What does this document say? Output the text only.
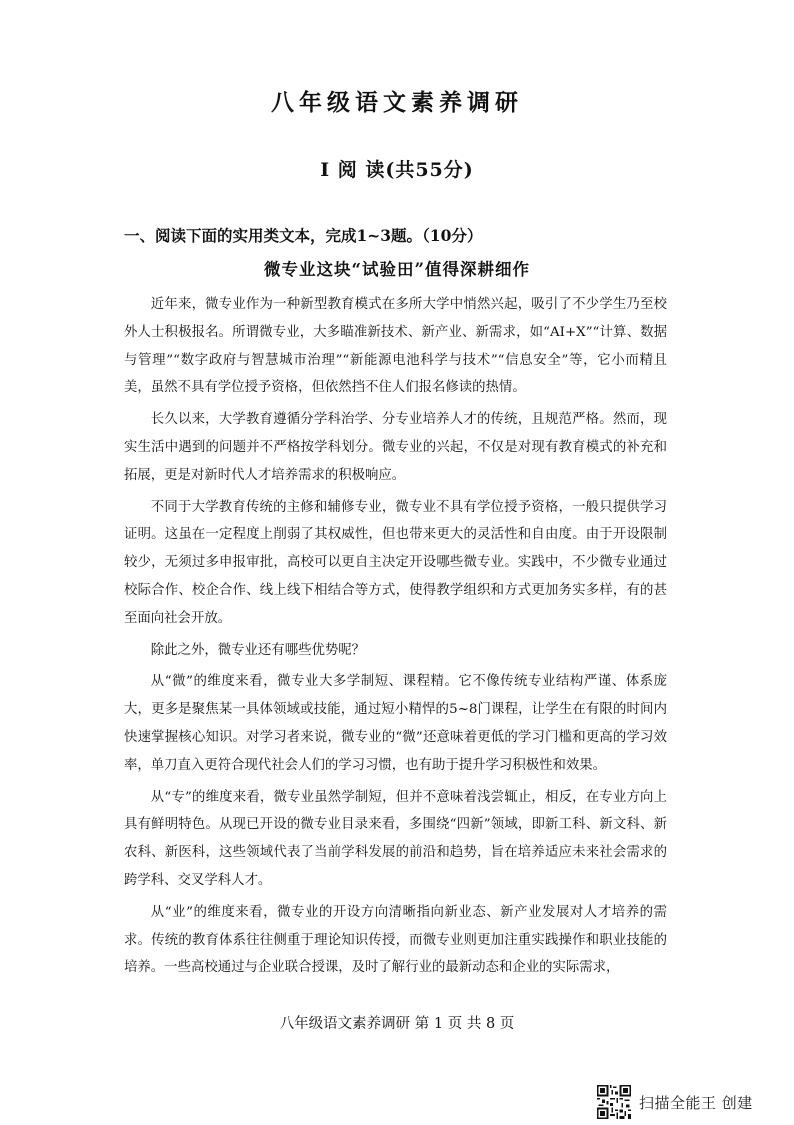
八年级语文素养调研
Ⅰ 阅 读(共55分)
一、阅读下面的实用类文本，完成1~3题。（10分）
微专业这块“试验田”值得深耕细作

近年来，微专业作为一种新型教育模式在多所大学中悄然兴起，吸引了不少学生乃至校外人士积极报名。所谓微专业，大多瞄准新技术、新产业、新需求，如“AI+X”“计算、数据与管理”“数字政府与智慧城市治理”“新能源电池科学与技术”“信息安全”等，它小而精且美，虽然不具有学位授予资格，但依然挡不住人们报名修读的热情。

长久以来，大学教育遵循分学科治学、分专业培养人才的传统，且规范严格。然而，现实生活中遇到的问题并不严格按学科划分。微专业的兴起，不仅是对现有教育模式的补充和拓展，更是对新时代人才培养需求的积极响应。

不同于大学教育传统的主修和辅修专业，微专业不具有学位授予资格，一般只提供学习证明。这虽在一定程度上削弱了其权威性，但也带来更大的灵活性和自由度。由于开设限制较少，无须过多申报审批，高校可以更自主决定开设哪些微专业。实践中，不少微专业通过校际合作、校企合作、线上线下相结合等方式，使得教学组织和方式更加务实多样，有的甚至面向社会开放。

除此之外，微专业还有哪些优势呢？

从“微”的维度来看，微专业大多学制短、课程精。它不像传统专业结构严谨、体系庞大，更多是聚焦某一具体领域或技能，通过短小精悍的5~8门课程，让学生在有限的时间内快速掌握核心知识。对学习者来说，微专业的“微”还意味着更低的学习门槛和更高的学习效率，单刀直入更符合现代社会人们的学习习惯，也有助于提升学习积极性和效果。

从“专”的维度来看，微专业虽然学制短，但并不意味着浅尝辄止，相反，在专业方向上具有鲜明特色。从现已开设的微专业目录来看，多围绕“四新”领域，即新工科、新文科、新农科、新医科，这些领域代表了当前学科发展的前沿和趋势，旨在培养适应未来社会需求的跨学科、交叉学科人才。

从“业”的维度来看，微专业的开设方向清晰指向新业态、新产业发展对人才培养的需求。传统的教育体系往往侧重于理论知识传授，而微专业则更加注重实践操作和职业技能的培养。一些高校通过与企业联合授课，及时了解行业的最新动态和企业的实际需求，

八年级语文素养调研 第 1 页 共 8 页
扫描全能王 创建
